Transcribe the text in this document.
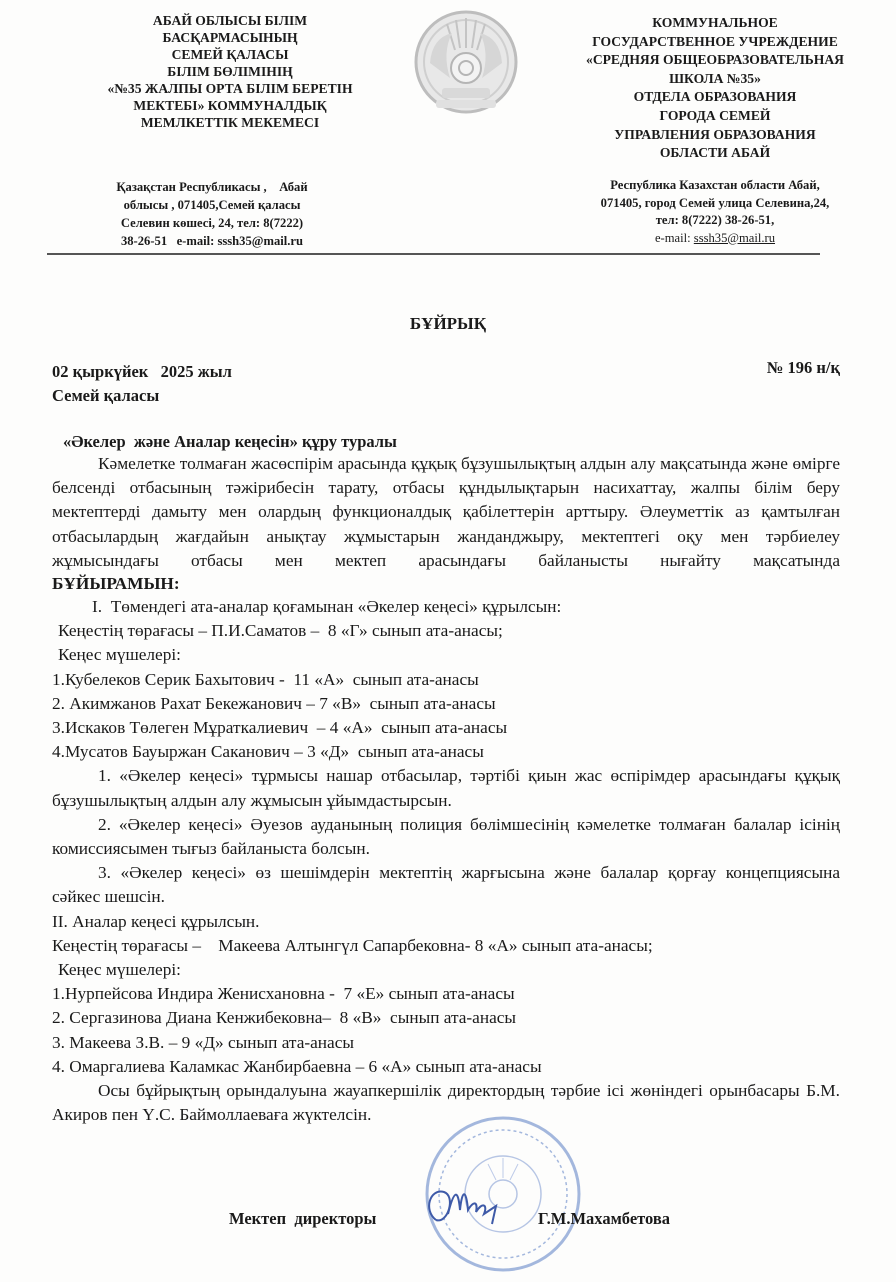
АБАЙ ОБЛЫСЫ БІЛІМ
БАСҚАРМАСЫНЫҢ
СЕМЕЙ ҚАЛАСЫ
БІЛІМ БӨЛІМІНІҢ
«№35 ЖАЛПЫ ОРТА БІЛІМ БЕРЕТІН
МЕКТЕБІ» КОММУНАЛДЫҚ
МЕМЛКЕТТІК МЕКЕМЕСІ
КОММУНАЛЬНОЕ
ГОСУДАРСТВЕННОЕ УЧРЕЖДЕНИЕ
«СРЕДНЯЯ ОБЩЕОБРАЗОВАТЕЛЬНАЯ
ШКОЛА №35»
ОТДЕЛА ОБРАЗОВАНИЯ
ГОРОДА СЕМЕЙ
УПРАВЛЕНИЯ ОБРАЗОВАНИЯ
ОБЛАСТИ АБАЙ
Қазақстан Республикасы ,    Абай
облысы , 071405,Семей қаласы
Селевин көшесі, 24, тел: 8(7222)
38-26-51   e-mail: sssh35@mail.ru
Республика Казахстан области Абай,
071405, город Семей улица Селевина,24,
тел: 8(7222) 38-26-51,
e-mail: sssh35@mail.ru
БҰЙРЫҚ
02 қыркүйек   2025 жыл	№ 196 н/қ
Семей қаласы
«Әкелер  және Аналар кеңесін» құру туралы

Кәмелетке толмаған жасөспірім арасында құқық бұзушылықтың алдын алу мақсатында және өмірге белсенді отбасының тәжірибесін тарату, отбасы құндылықтарын насихаттау, жалпы білім беру мектептерді дамыту мен олардың функционалдық қабілеттерін арттыру. Әлеуметтік аз қамтылған отбасылардың жағдайын анықтау жұмыстарын жанданджыру, мектептегі оқу мен тәрбиелеу жұмысындағы отбасы мен мектеп арасындағы байланысты нығайту мақсатында

БҰЙЫРАМЫН:

I.  Төмендегі ата-аналар қоғамынан «Әкелер кеңесі» құрылсын:

Кеңестің төрағасы – П.И.Саматов –  8 «Г» сынып ата-анасы;

Кеңес мүшелері:

1.Кубелеков Серик Бахытович -  11 «А»  сынып ата-анасы

2. Акимжанов Рахат Бекежанович – 7 «В»  сынып ата-анасы

3.Искаков Төлеген Мұраткалиевич  – 4 «А»  сынып ата-анасы

4.Мусатов Бауыржан Саканович – 3 «Д»  сынып ата-анасы

1. «Әкелер кеңесі» тұрмысы нашар отбасылар, тәртібі қиын жас өспірімдер арасындағы құқық бұзушылықтың алдын алу жұмысын ұйымдастырсын.

2. «Әкелер кеңесі» Әуезов ауданының полиция бөлімшесінің кәмелетке толмаған балалар ісінің комиссиясымен тығыз байланыста болсын.

3. «Әкелер кеңесі» өз шешімдерін мектептің жарғысына және балалар қорғау концепциясына сәйкес шешсін.

II. Аналар кеңесі құрылсын.

Кеңестің төрағасы –    Макеева Алтынгүл Сапарбековна- 8 «А» сынып ата-анасы;

Кеңес мүшелері:

1.Нурпейсова Индира Женисхановна -  7 «Е» сынып ата-анасы

2. Сергазинова Диана Кенжибековна–  8 «В»  сынып ата-анасы

3. Макеева З.В. – 9 «Д» сынып ата-анасы

4. Омаргалиева Каламкас Жанбирбаевна – 6 «А» сынып ата-анасы

Осы бұйрықтың орындалуына жауапкершілік директордың тәрбие ісі жөніндегі орынбасары Б.М. Акиров пен Ү.С. Баймоллаеваға жүктелсін.

Мектеп  директоры	Г.М.Махамбетова
